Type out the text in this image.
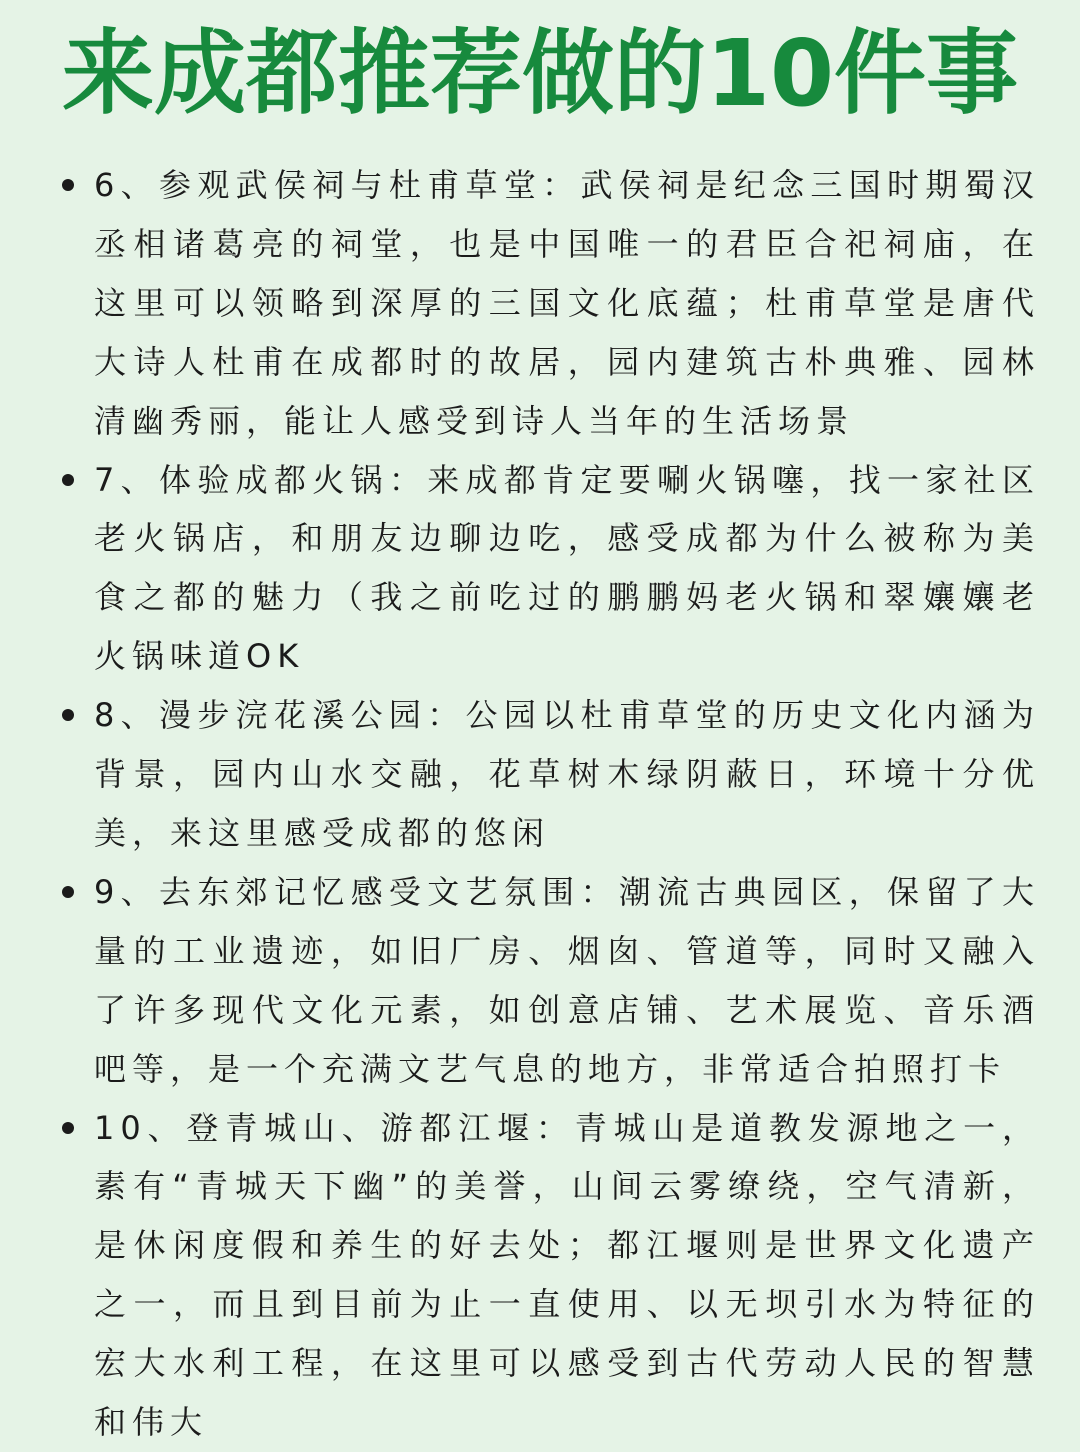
来成都推荐做的10件事
6、参观武侯祠与杜甫草堂：武侯祠是纪念三国时期蜀汉丞相诸葛亮的祠堂，也是中国唯一的君臣合祀祠庙，在这里可以领略到深厚的三国文化底蕴；杜甫草堂是唐代大诗人杜甫在成都时的故居，园内建筑古朴典雅、园林清幽秀丽，能让人感受到诗人当年的生活场景
7、体验成都火锅：来成都肯定要唰火锅噻，找一家社区老火锅店，和朋友边聊边吃，感受成都为什么被称为美食之都的魅力（我之前吃过的鹏鹏妈老火锅和翠孃孃老火锅味道OK
8、漫步浣花溪公园：公园以杜甫草堂的历史文化内涵为背景，园内山水交融，花草树木绿阴蔽日，环境十分优美，来这里感受成都的悠闲
9、去东郊记忆感受文艺氛围：潮流古典园区，保留了大量的工业遗迹，如旧厂房、烟囱、管道等，同时又融入了许多现代文化元素，如创意店铺、艺术展览、音乐酒吧等，是一个充满文艺气息的地方，非常适合拍照打卡
10、登青城山、游都江堰：青城山是道教发源地之一，素有“青城天下幽”的美誉，山间云雾缭绕，空气清新，是休闲度假和养生的好去处；都江堰则是世界文化遗产之一，而且到目前为止一直使用、以无坝引水为特征的宏大水利工程，在这里可以感受到古代劳动人民的智慧和伟大
